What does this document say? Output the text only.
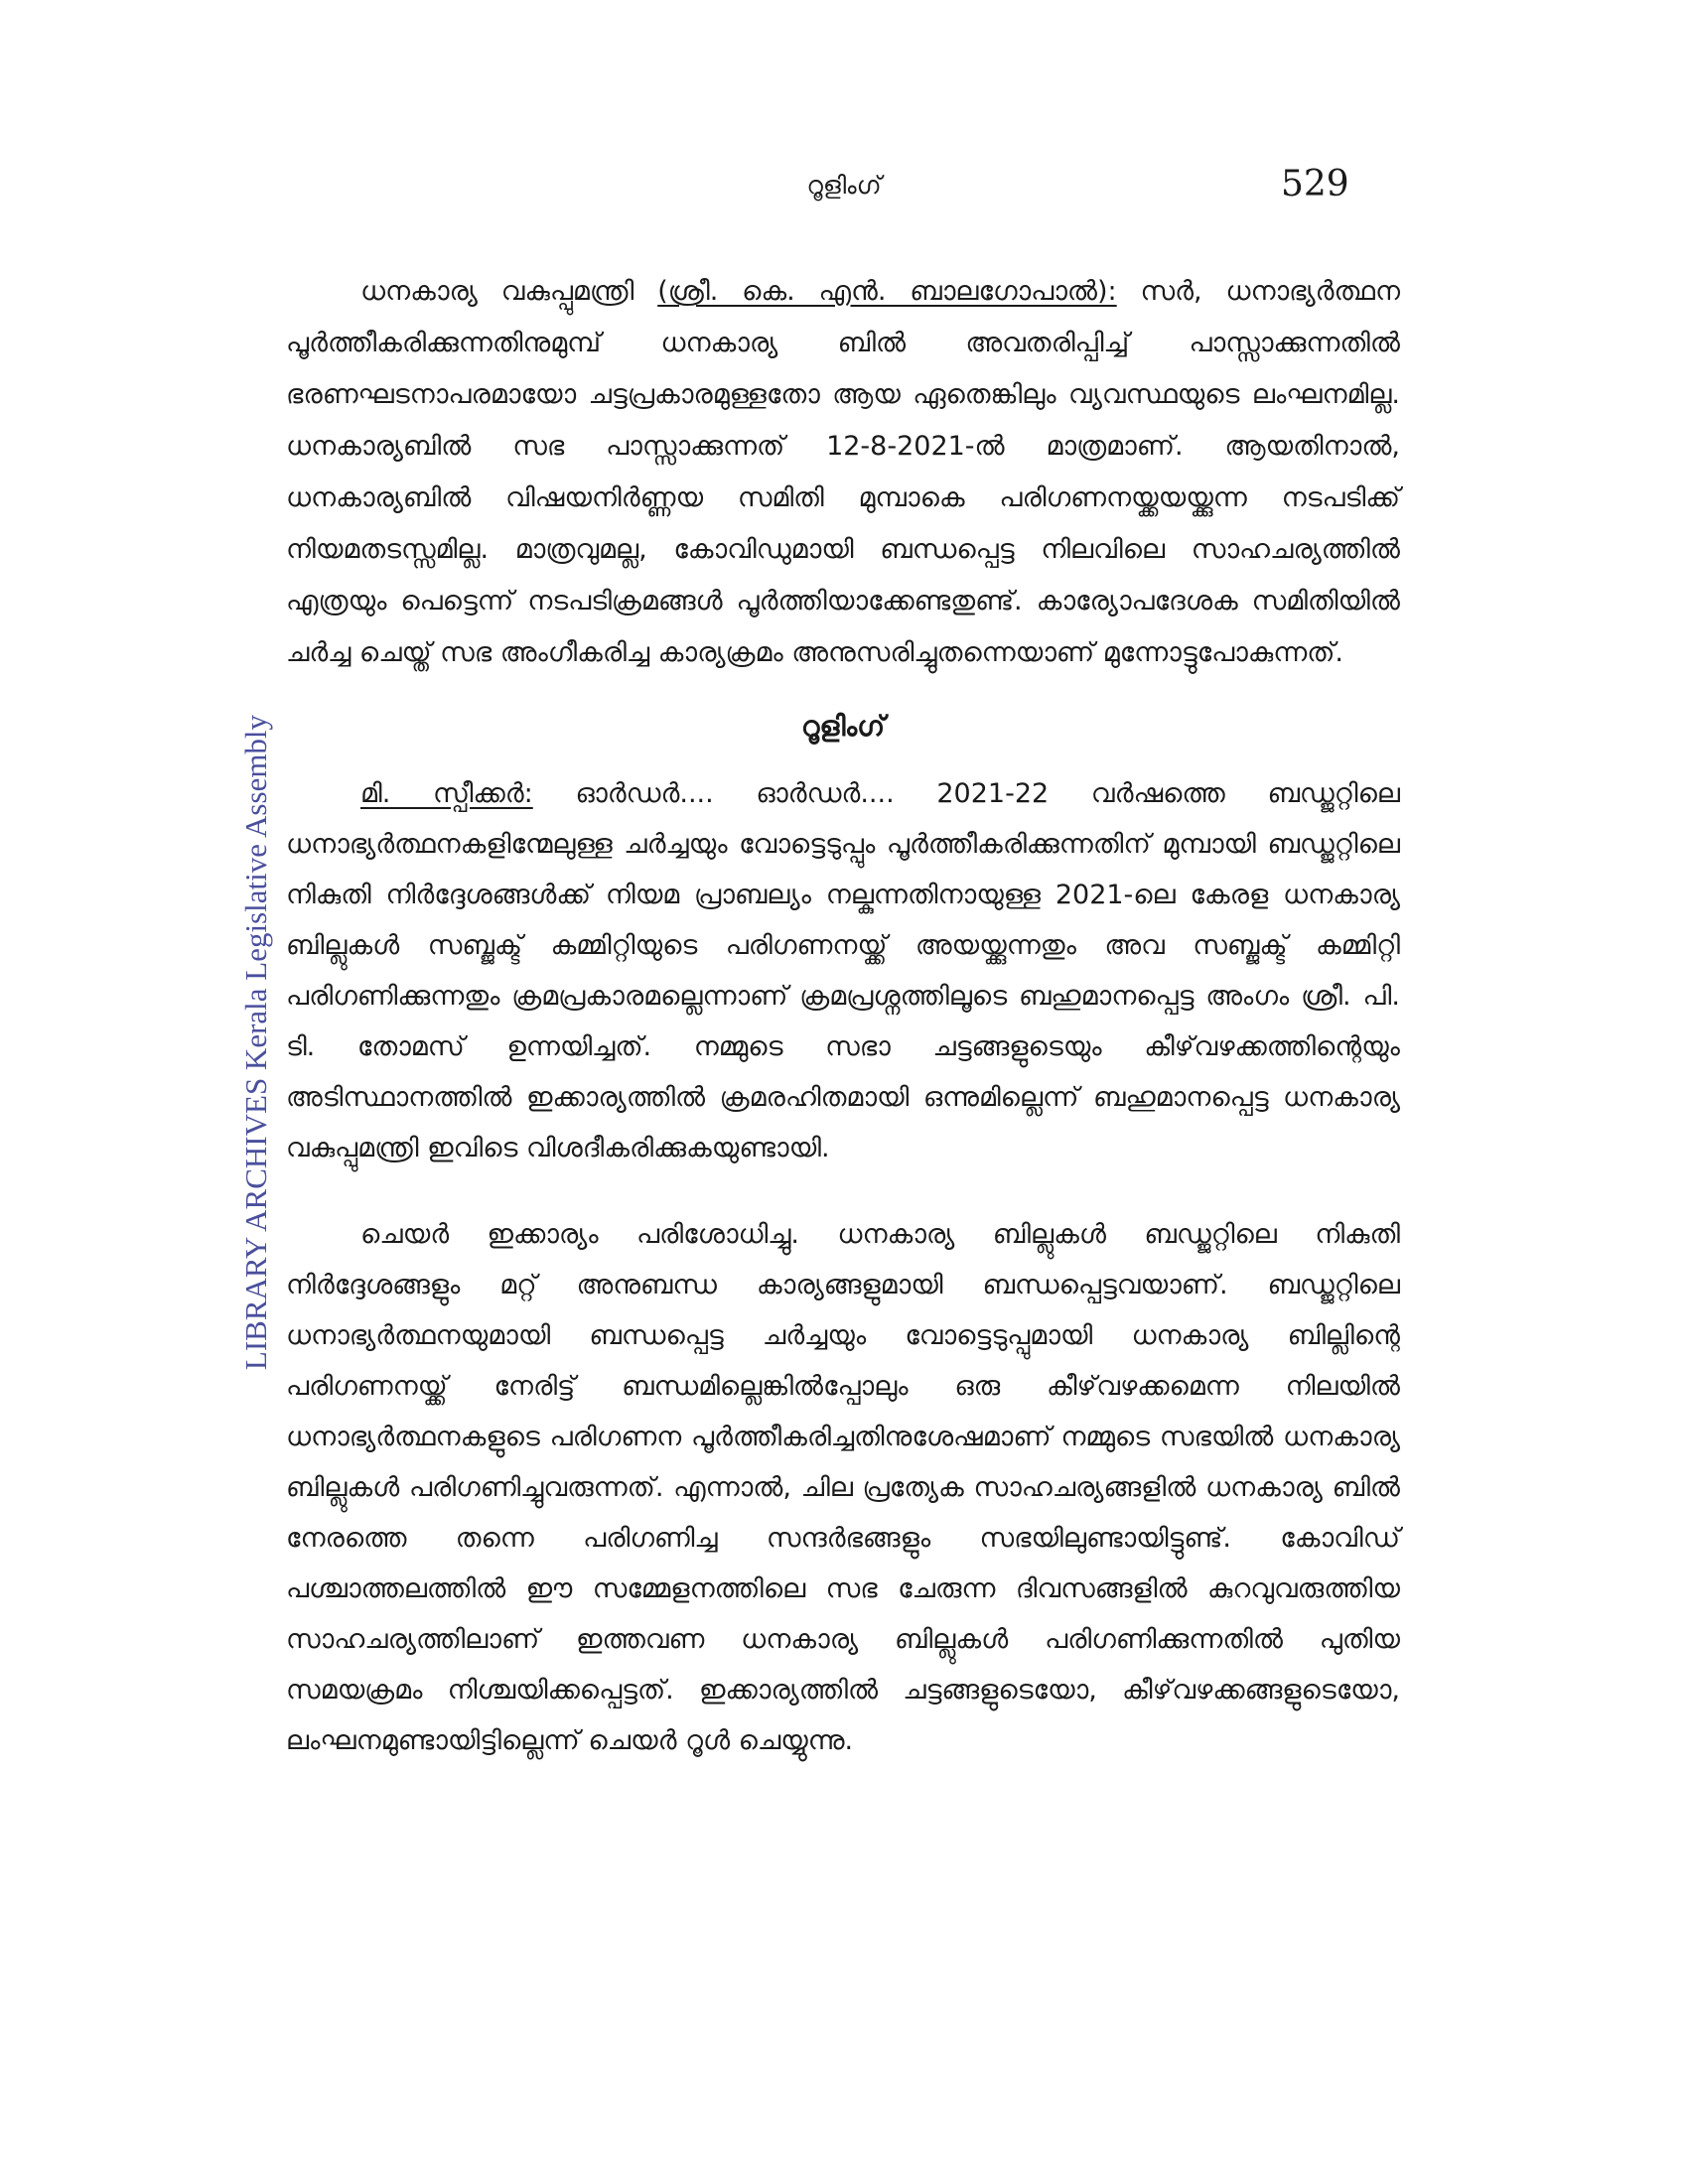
റൂളിംഗ്	529
LIBRARY ARCHIVES Kerala Legislative Assembly

ധനകാര്യ വകുപ്പുമന്ത്രി (ശ്രീ. കെ. എൻ. ബാലഗോപാൽ): സർ, ധനാഭ്യർത്ഥന പൂർത്തീകരിക്കുന്നതിനുമുമ്പ് ധനകാര്യ ബിൽ അവതരിപ്പിച്ച് പാസ്സാക്കുന്നതിൽ ഭരണഘടനാപരമായോ ചട്ടപ്രകാരമുള്ളതോ ആയ ഏതെങ്കിലും വ്യവസ്ഥയുടെ ലംഘനമില്ല. ധനകാര്യബിൽ സഭ പാസ്സാക്കുന്നത് 12-8-2021-ൽ മാത്രമാണ്. ആയതിനാൽ, ധനകാര്യബിൽ വിഷയനിർണ്ണയ സമിതി മുമ്പാകെ പരിഗണനയ്ക്കയയ്ക്കുന്ന നടപടിക്ക് നിയമതടസ്സമില്ല. മാത്രവുമല്ല, കോവിഡുമായി ബന്ധപ്പെട്ട നിലവിലെ സാഹചര്യത്തിൽ എത്രയും പെട്ടെന്ന് നടപടിക്രമങ്ങൾ പൂർത്തിയാക്കേണ്ടതുണ്ട്. കാര്യോപദേശക സമിതിയിൽ ചർച്ച ചെയ്ത് സഭ അംഗീകരിച്ച കാര്യക്രമം അനുസരിച്ചുതന്നെയാണ് മുന്നോട്ടുപോകുന്നത്.

റൂളിംഗ്

മി. സ്പീക്കർ: ഓർഡർ.... ഓർഡർ.... 2021-22 വർഷത്തെ ബഡ്ജറ്റിലെ ധനാഭ്യർത്ഥനകളിന്മേലുള്ള ചർച്ചയും വോട്ടെടുപ്പും പൂർത്തീകരിക്കുന്നതിന് മുമ്പായി ബഡ്ജറ്റിലെ നികുതി നിർദ്ദേശങ്ങൾക്ക് നിയമ പ്രാബല്യം നല്കുന്നതിനായുള്ള 2021-ലെ കേരള ധനകാര്യ ബില്ലുകൾ സബ്ജക്ട് കമ്മിറ്റിയുടെ പരിഗണനയ്ക്ക് അയയ്ക്കുന്നതും അവ സബ്ജക്ട് കമ്മിറ്റി പരിഗണിക്കുന്നതും ക്രമപ്രകാരമല്ലെന്നാണ് ക്രമപ്രശ്നത്തിലൂടെ ബഹുമാനപ്പെട്ട അംഗം ശ്രീ. പി. ടി. തോമസ് ഉന്നയിച്ചത്. നമ്മുടെ സഭാ ചട്ടങ്ങളുടെയും കീഴ്‌വഴക്കത്തിന്റെയും അടിസ്ഥാനത്തിൽ ഇക്കാര്യത്തിൽ ക്രമരഹിതമായി ഒന്നുമില്ലെന്ന് ബഹുമാനപ്പെട്ട ധനകാര്യ വകുപ്പുമന്ത്രി ഇവിടെ വിശദീകരിക്കുകയുണ്ടായി.

ചെയർ ഇക്കാര്യം പരിശോധിച്ചു. ധനകാര്യ ബില്ലുകൾ ബഡ്ജറ്റിലെ നികുതി നിർദ്ദേശങ്ങളും മറ്റ് അനുബന്ധ കാര്യങ്ങളുമായി ബന്ധപ്പെട്ടവയാണ്. ബഡ്ജറ്റിലെ ധനാഭ്യർത്ഥനയുമായി ബന്ധപ്പെട്ട ചർച്ചയും വോട്ടെടുപ്പുമായി ധനകാര്യ ബില്ലിന്റെ പരിഗണനയ്ക്ക് നേരിട്ട് ബന്ധമില്ലെങ്കിൽപ്പോലും ഒരു കീഴ്‌വഴക്കമെന്ന നിലയിൽ ധനാഭ്യർത്ഥനകളുടെ പരിഗണന പൂർത്തീകരിച്ചതിനുശേഷമാണ് നമ്മുടെ സഭയിൽ ധനകാര്യ ബില്ലുകൾ പരിഗണിച്ചുവരുന്നത്. എന്നാൽ, ചില പ്രത്യേക സാഹചര്യങ്ങളിൽ ധനകാര്യ ബിൽ നേരത്തെ തന്നെ പരിഗണിച്ച സന്ദർഭങ്ങളും സഭയിലുണ്ടായിട്ടുണ്ട്. കോവിഡ് പശ്ചാത്തലത്തിൽ ഈ സമ്മേളനത്തിലെ സഭ ചേരുന്ന ദിവസങ്ങളിൽ കുറവുവരുത്തിയ സാഹചര്യത്തിലാണ് ഇത്തവണ ധനകാര്യ ബില്ലുകൾ പരിഗണിക്കുന്നതിൽ പുതിയ സമയക്രമം നിശ്ചയിക്കപ്പെട്ടത്. ഇക്കാര്യത്തിൽ ചട്ടങ്ങളുടെയോ, കീഴ്‌വഴക്കങ്ങളുടെയോ, ലംഘനമുണ്ടായിട്ടില്ലെന്ന് ചെയർ റൂൾ ചെയ്യുന്നു.
